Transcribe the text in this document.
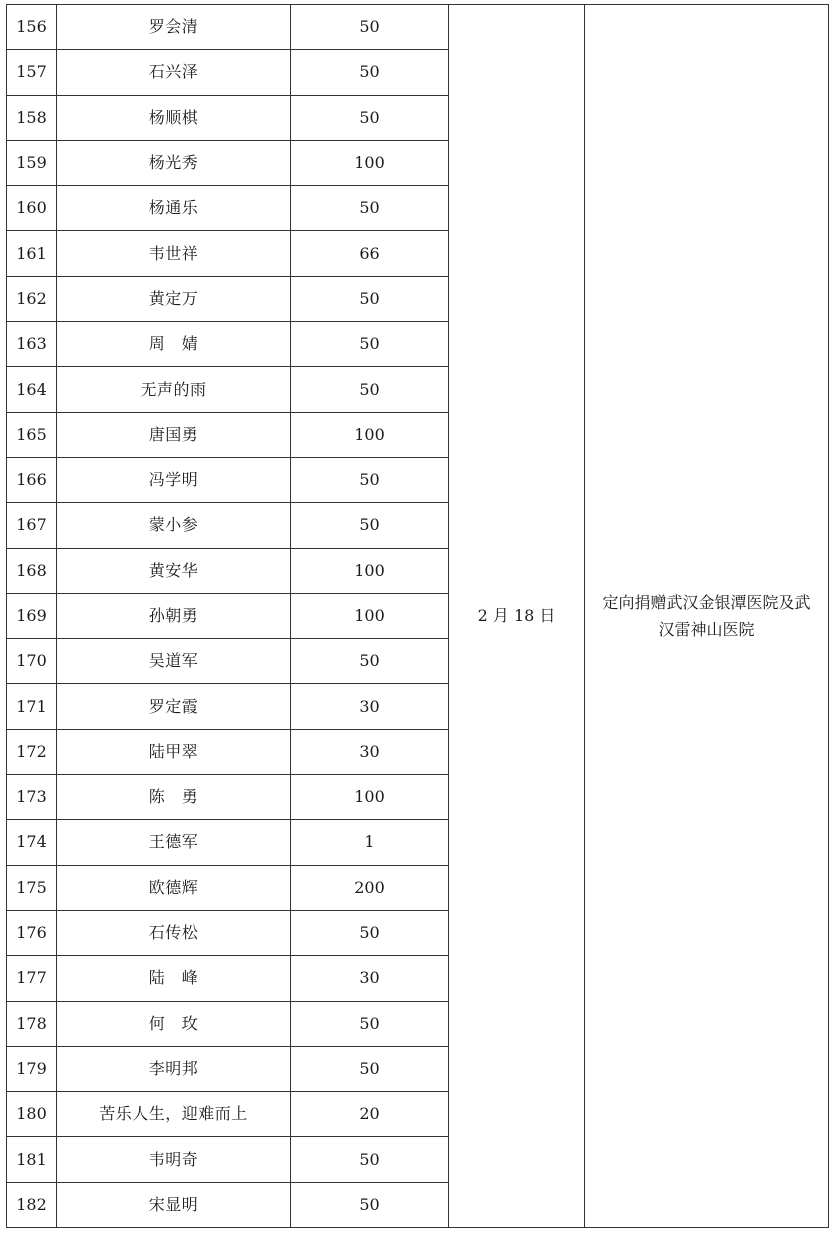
156	罗会清	50	2 月 18 日	定向捐赠武汉金银潭医院及武
汉雷神山医院

157	石兴泽	50		
158	杨顺棋	50		
159	杨光秀	100		
160	杨通乐	50		
161	韦世祥	66		
162	黄定万	50		
163	周　婧	50		
164	无声的雨	50		
165	唐国勇	100		
166	冯学明	50		
167	蒙小参	50		
168	黄安华	100		
169	孙朝勇	100		
170	吴道军	50		
171	罗定霞	30		
172	陆甲翠	30		
173	陈　勇	100		
174	王德军	1		
175	欧德辉	200		
176	石传松	50		
177	陆　峰	30		
178	何　玫	50		
179	李明邦	50		
180	苦乐人生，迎难而上	20		
181	韦明奇	50		
182	宋显明	50		
